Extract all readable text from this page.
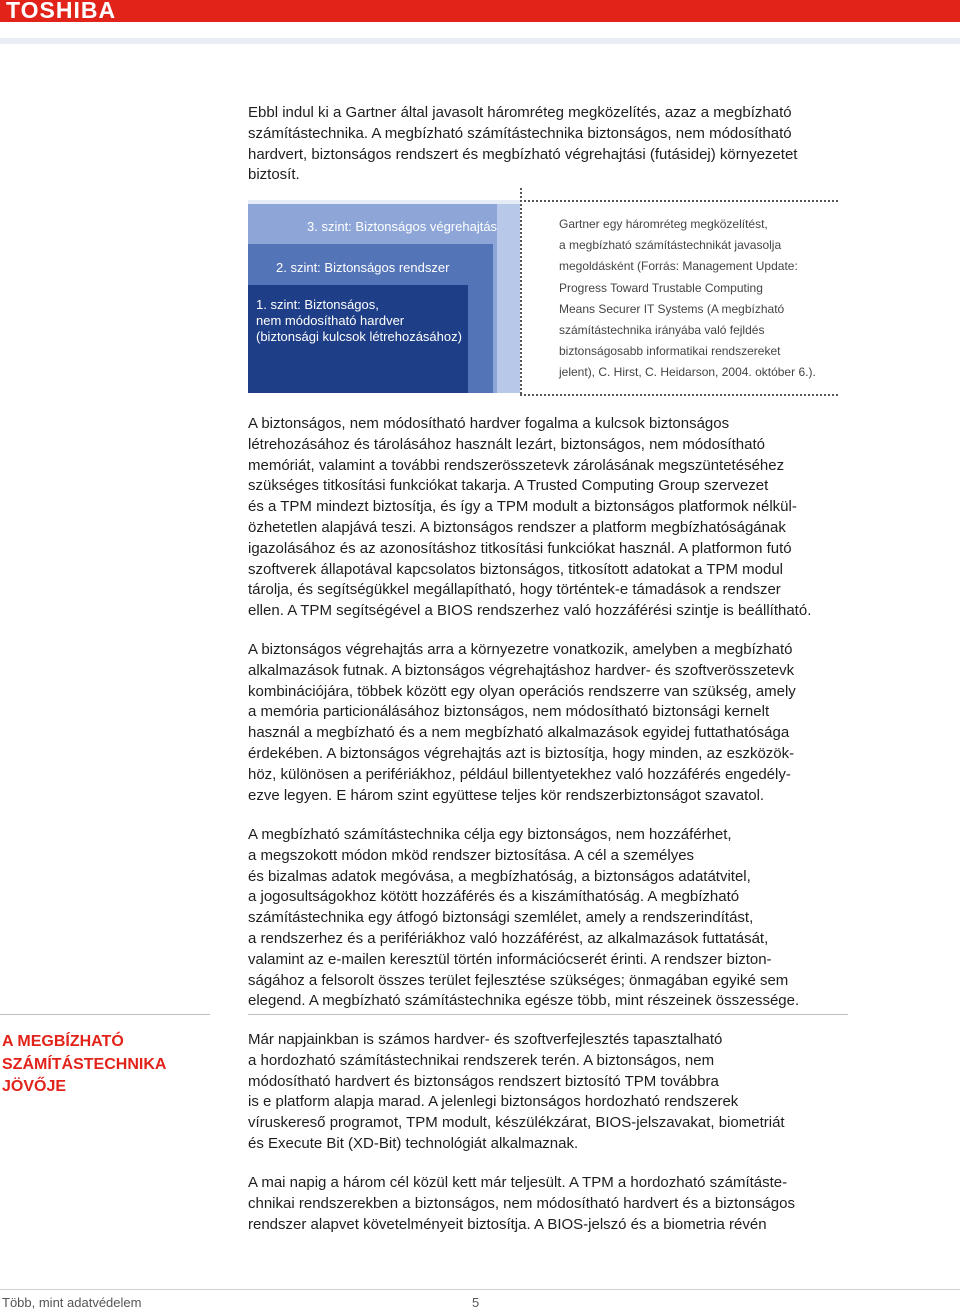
TOSHIBA

Ebbl indul ki a Gartner által javasolt háromréteg megközelítés, azaz a megbízható
számítástechnika. A megbízható számítástechnika biztonságos, nem módosítható
hardvert, biztonságos rendszert és megbízható végrehajtási (futásidej) környezetet
biztosít.

3. szint: Biztonságos végrehajtás

2. szint: Biztonságos rendszer

1. szint: Biztonságos,
nem módosítható hardver
(biztonsági kulcsok létrehozásához)

Gartner egy háromréteg megközelítést,
a megbízható számítástechnikát javasolja
megoldásként (Forrás: Management Update:
Progress Toward Trustable Computing
Means Securer IT Systems (A megbízható
számítástechnika irányába való fejldés
biztonságosabb informatikai rendszereket
jelent), C. Hirst, C. Heidarson, 2004. október 6.).

A biztonságos, nem módosítható hardver fogalma a kulcsok biztonságos
létrehozásához és tárolásához használt lezárt, biztonságos, nem módosítható
memóriát, valamint a további rendszerösszetevk zárolásának megszüntetéséhez
szükséges titkosítási funkciókat takarja. A Trusted Computing Group szervezet
és a TPM mindezt biztosítja, és így a TPM modult a biztonságos platformok nélkül-
özhetetlen alapjává teszi. A biztonságos rendszer a platform megbízhatóságának
igazolásához és az azonosításhoz titkosítási funkciókat használ. A platformon futó
szoftverek állapotával kapcsolatos biztonságos, titkosított adatokat a TPM modul
tárolja, és segítségükkel megállapítható, hogy történtek-e támadások a rendszer
ellen. A TPM segítségével a BIOS rendszerhez való hozzáférési szintje is beállítható.

A biztonságos végrehajtás arra a környezetre vonatkozik, amelyben a megbízható
alkalmazások futnak. A biztonságos végrehajtáshoz hardver- és szoftverösszetevk
kombinációjára, többek között egy olyan operációs rendszerre van szükség, amely
a memória particionálásához biztonságos, nem módosítható biztonsági kernelt
használ a megbízható és a nem megbízható alkalmazások egyidej futtathatósága
érdekében. A biztonságos végrehajtás azt is biztosítja, hogy minden, az eszközök-
höz, különösen a perifériákhoz, például billentyetekhez való hozzáférés engedély-
ezve legyen. E három szint együttese teljes kör rendszerbiztonságot szavatol.

A megbízható számítástechnika célja egy biztonságos, nem hozzáférhet,
a megszokott módon mköd rendszer biztosítása. A cél a személyes
és bizalmas adatok megóvása, a megbízhatóság, a biztonságos adatátvitel,
a jogosultságokhoz kötött hozzáférés és a kiszámíthatóság. A megbízható
számítástechnika egy átfogó biztonsági szemlélet, amely a rendszerindítást,
a rendszerhez és a perifériákhoz való hozzáférést, az alkalmazások futtatását,
valamint az e-mailen keresztül történ információcserét érinti. A rendszer bizton-
ságához a felsorolt összes terület fejlesztése szükséges; önmagában egyiké sem
elegend. A megbízható számítástechnika egésze több, mint részeinek összessége.

A MEGBÍZHATÓ
SZÁMÍTÁSTECHNIKA
JÖVŐJE

Már napjainkban is számos hardver- és szoftverfejlesztés tapasztalható
a hordozható számítástechnikai rendszerek terén. A biztonságos, nem
módosítható hardvert és biztonságos rendszert biztosító TPM továbbra
is e platform alapja marad. A jelenlegi biztonságos hordozható rendszerek
víruskereső programot, TPM modult, készülékzárat, BIOS-jelszavakat, biometriát
és Execute Bit (XD-Bit) technológiát alkalmaznak.

A mai napig a három cél közül kett már teljesült. A TPM a hordozható számítástе-
chnikai rendszerekben a biztonságos, nem módosítható hardvert és a biztonságos
rendszer alapvet követelményeit biztosítja. A BIOS-jelszó és a biometria révén

Több, mint adatvédelem	5
